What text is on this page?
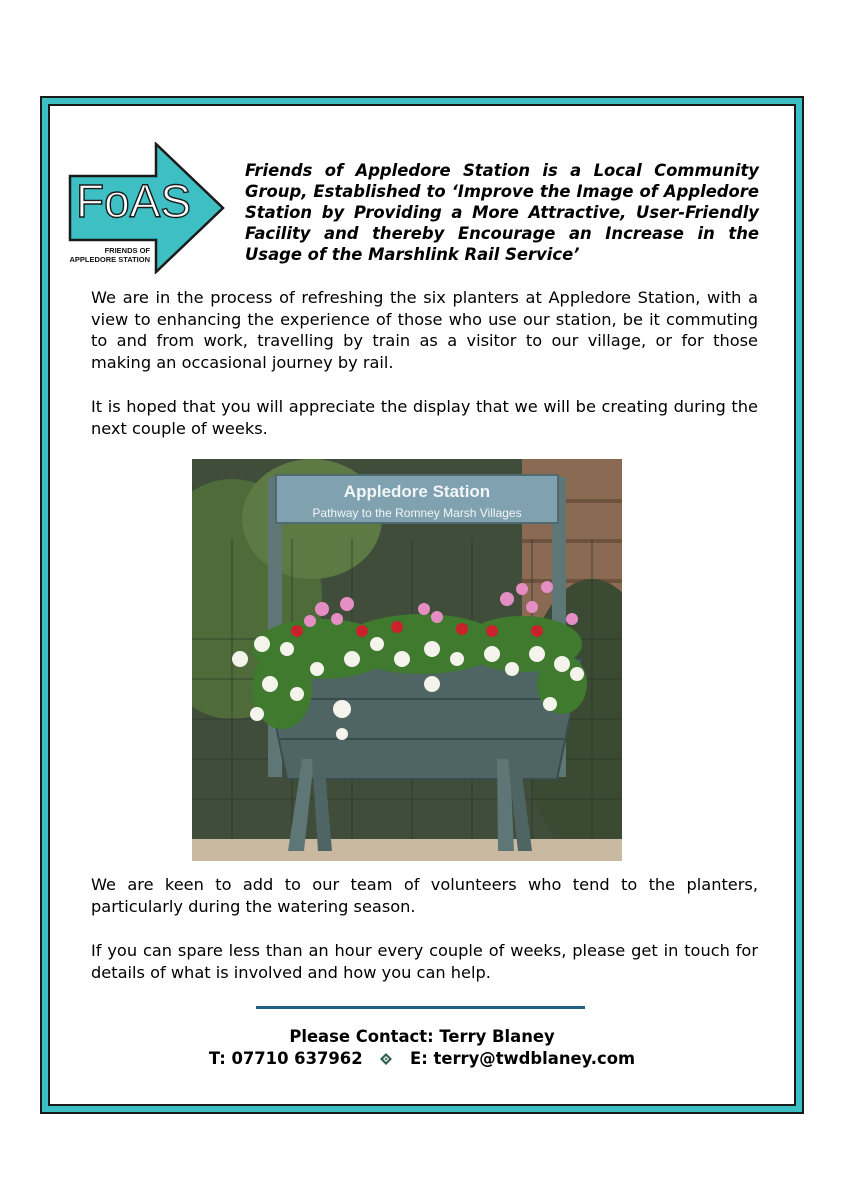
FoAS
FRIENDS OF
APPLEDORE STATION

Friends of Appledore Station is a Local Community Group, Established to ‘Improve the Image of Appledore Station by Providing a More Attractive, User-Friendly Facility and thereby Encourage an Increase in the Usage of the Marshlink Rail Service’

We are in the process of refreshing the six planters at Appledore Station, with a view to enhancing the experience of those who use our station, be it commuting to and from work, travelling by train as a visitor to our village, or for those making an occasional journey by rail.

It is hoped that you will appreciate the display that we will be creating during the next couple of weeks.

Appledore Station
Pathway to the Romney Marsh Villages

We are keen to add to our team of volunteers who tend to the planters, particularly during the watering season.

If you can spare less than an hour every couple of weeks, please get in touch for details of what is involved and how you can help.

Please Contact: Terry Blaney
T: 07710 637962	E: terry@twdblaney.com
